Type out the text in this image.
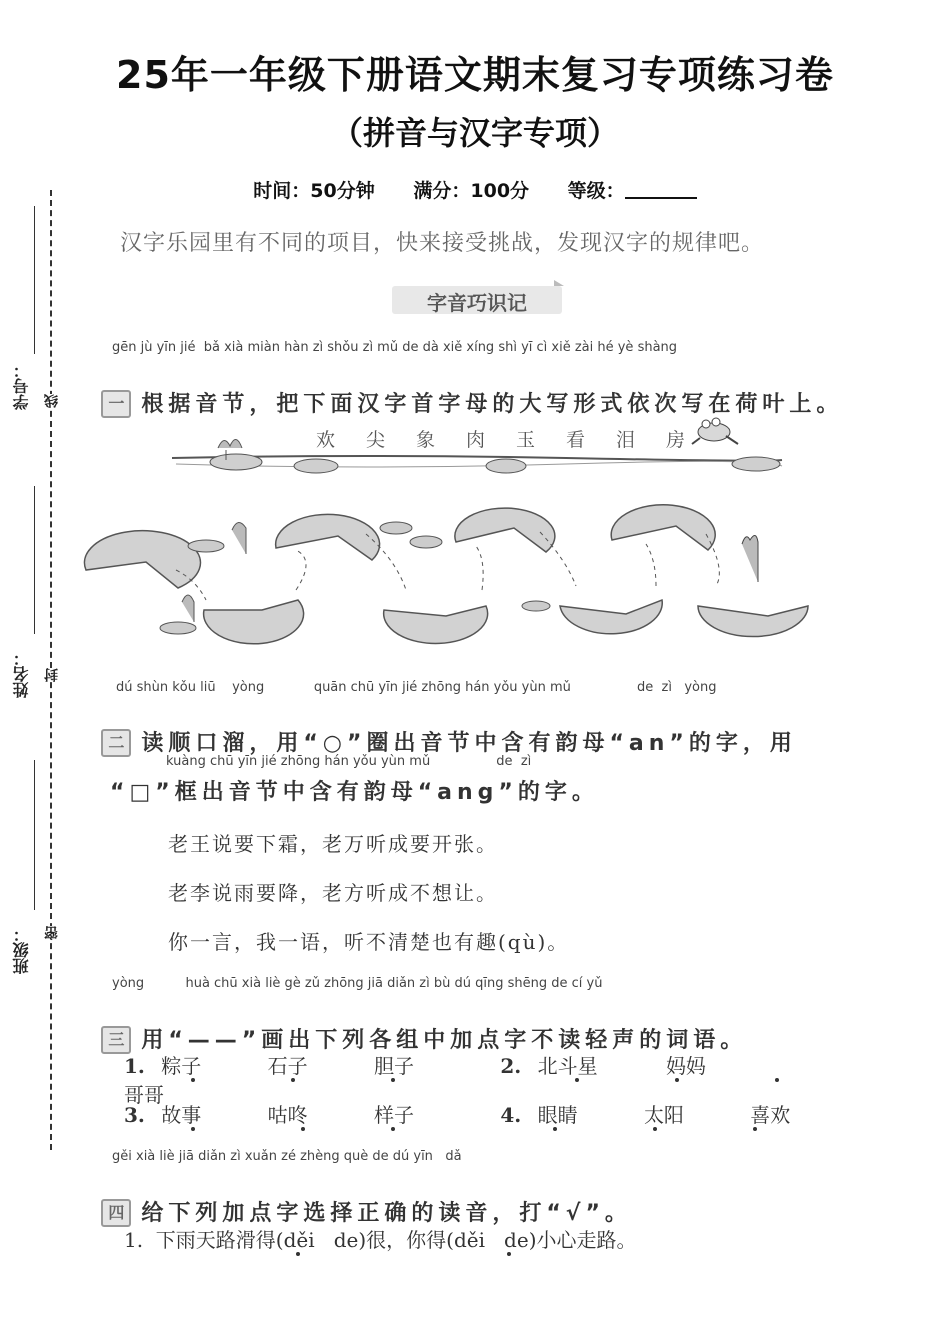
学号： 线
姓名： 封
班级： 密
25年一年级下册语文期末复习专项练习卷
（拼音与汉字专项）
时间：50分钟 满分：100分 等级：
汉字乐园里有不同的项目，快来接受挑战，发现汉字的规律吧。
字音巧识记
gēn jù yīn jié  bǎ xià miàn hàn zì shǒu zì mǔ de dà xiě xíng shì yī cì xiě zài hé yè shàng

一 根据音节，把下面汉字首字母的大写形式依次写在荷叶上。

欢 尖 象 肉 玉 看 泪 房
dú shùn kǒu liū    yòng            quān chū yīn jié zhōng hán yǒu yùn mǔ                de  zì   yòng

二 读顺口溜，用“○”圈出音节中含有韵母“an”的字，用

kuàng chū yīn jié zhōng hán yǒu yùn mǔ                de  zì
“□”框出音节中含有韵母“ang”的字。
老王说要下霜，老万听成要开张。
老李说雨要降，老方听成不想让。
你一言，我一语，听不清楚也有趣(qù)。
yòng          huà chū xià liè gè zǔ zhōng jiā diǎn zì bù dú qīng shēng de cí yǔ

三 用“——”画出下列各组中加点字不读轻声的词语。

1. 粽子	石子	胆子	2. 北斗星	妈妈 哥哥
3. 故事	咕咚	样子	4. 眼睛	太阳	喜欢
gěi xià liè jiā diǎn zì xuǎn zé zhèng què de dú yīn   dǎ

四 给下列加点字选择正确的读音，打“√”。

1.  下雨天路滑得(děi   de)很，你得(děi   de)小心走路。
